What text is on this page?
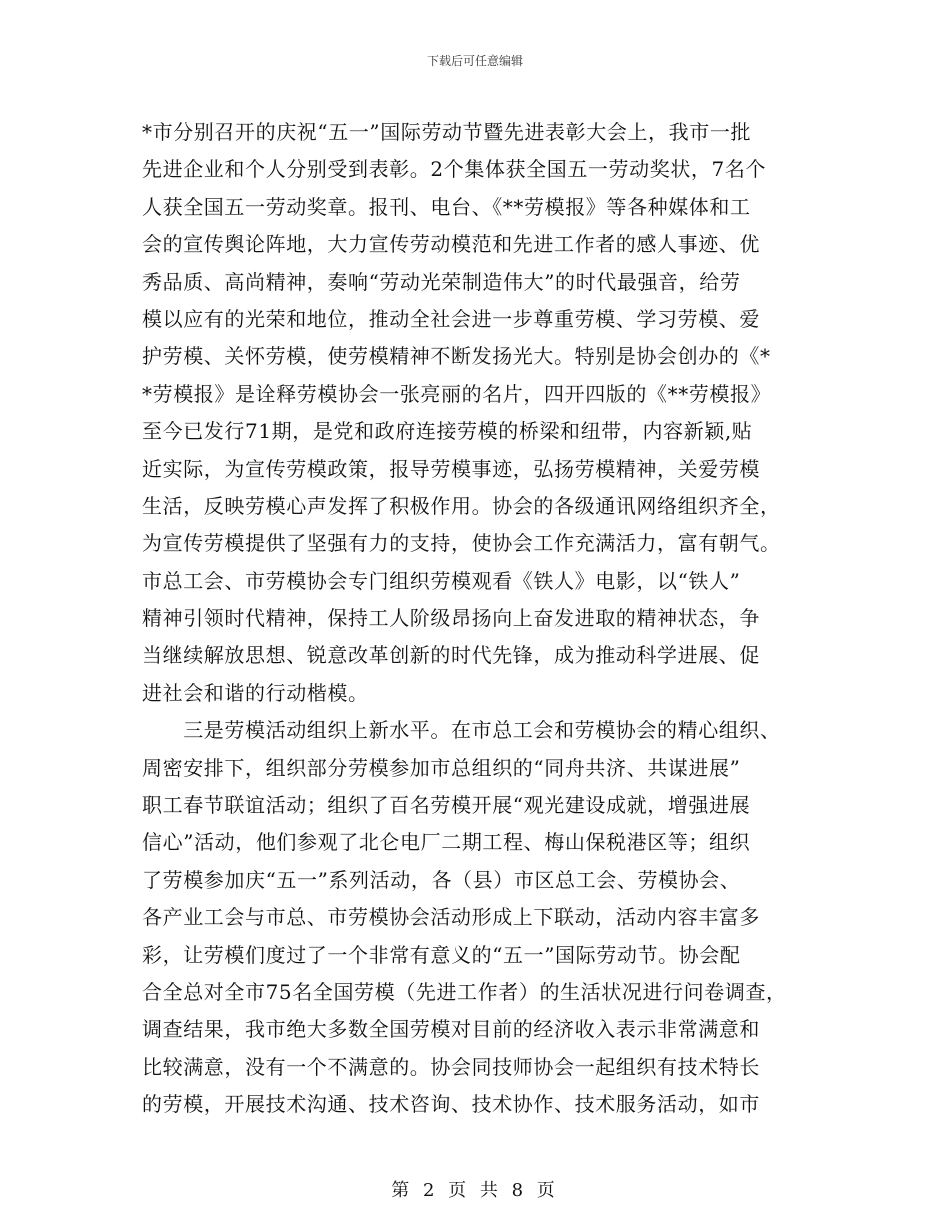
下载后可任意编辑
*市分别召开的庆祝“五一”国际劳动节暨先进表彰大会上，我市一批
先进企业和个人分别受到表彰。2个集体获全国五一劳动奖状，7名个
人获全国五一劳动奖章。报刊、电台、《**劳模报》等各种媒体和工
会的宣传舆论阵地，大力宣传劳动模范和先进工作者的感人事迹、优
秀品质、高尚精神，奏响“劳动光荣制造伟大”的时代最强音，给劳
模以应有的光荣和地位，推动全社会进一步尊重劳模、学习劳模、爱
护劳模、关怀劳模，使劳模精神不断发扬光大。特别是协会创办的《*
*劳模报》是诠释劳模协会一张亮丽的名片，四开四版的《**劳模报》
至今已发行71期，是党和政府连接劳模的桥梁和纽带，内容新颖,贴
近实际，为宣传劳模政策，报导劳模事迹，弘扬劳模精神，关爱劳模
生活，反映劳模心声发挥了积极作用。协会的各级通讯网络组织齐全，
为宣传劳模提供了坚强有力的支持，使协会工作充满活力，富有朝气。
市总工会、市劳模协会专门组织劳模观看《铁人》电影，以“铁人”
精神引领时代精神，保持工人阶级昂扬向上奋发进取的精神状态，争
当继续解放思想、锐意改革创新的时代先锋，成为推动科学进展、促
进社会和谐的行动楷模。
　　三是劳模活动组织上新水平。在市总工会和劳模协会的精心组织、
周密安排下，组织部分劳模参加市总组织的“同舟共济、共谋进展”
职工春节联谊活动；组织了百名劳模开展“观光建设成就，增强进展
信心”活动，他们参观了北仑电厂二期工程、梅山保税港区等；组织
了劳模参加庆“五一”系列活动，各（县）市区总工会、劳模协会、
各产业工会与市总、市劳模协会活动形成上下联动，活动内容丰富多
彩，让劳模们度过了一个非常有意义的“五一”国际劳动节。协会配
合全总对全市75名全国劳模（先进工作者）的生活状况进行问卷调查，
调查结果，我市绝大多数全国劳模对目前的经济收入表示非常满意和
比较满意，没有一个不满意的。协会同技师协会一起组织有技术特长
的劳模，开展技术沟通、技术咨询、技术协作、技术服务活动，如市
第 2 页 共 8 页
